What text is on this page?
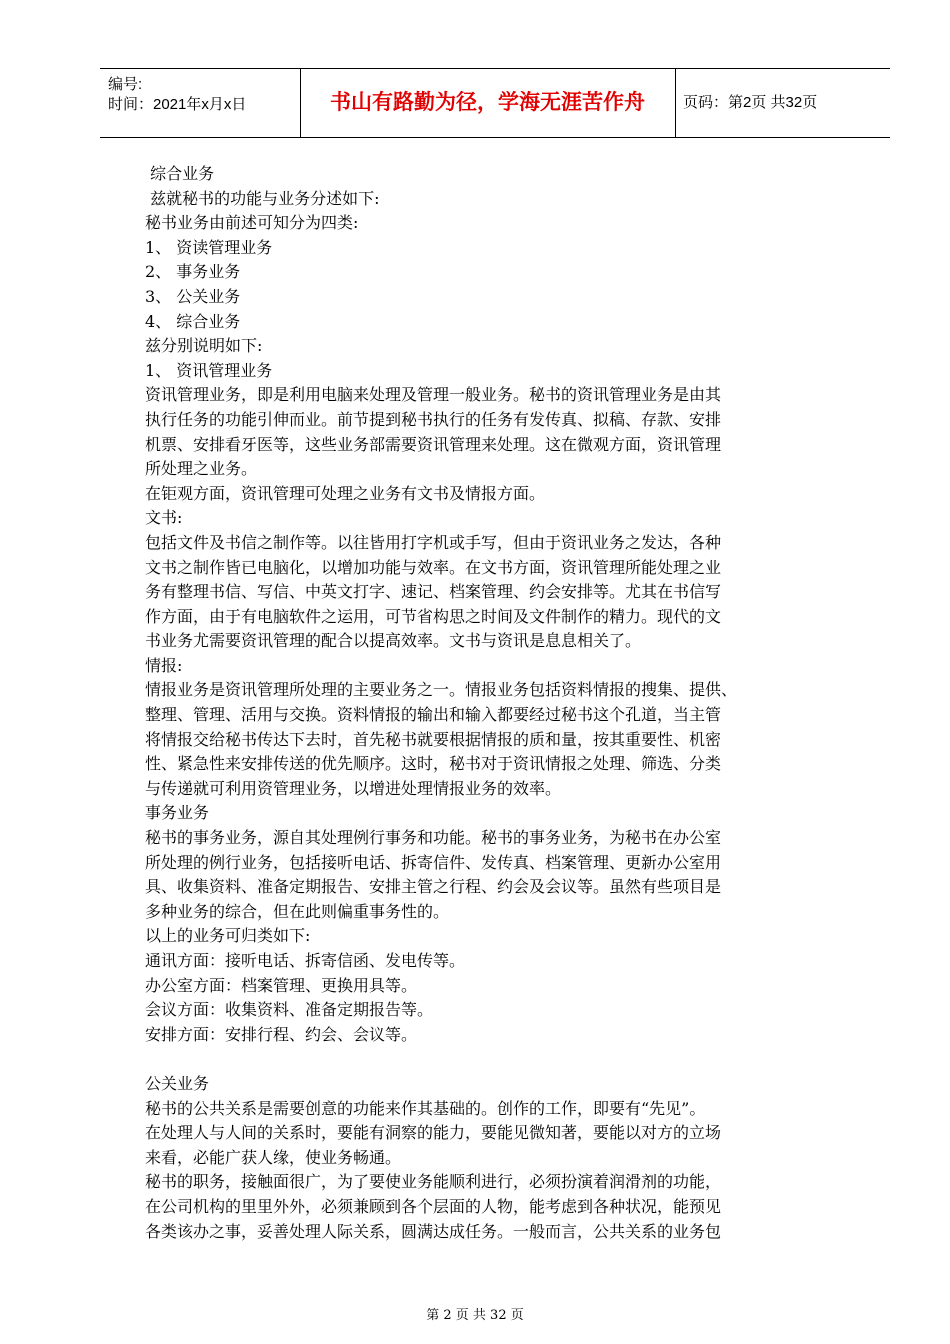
编号:
时间：2021年x月x日	书山有路勤为径，学海无涯苦作舟	页码：第2页 共32页

综合业务

兹就秘书的功能与业务分述如下:

秘书业务由前述可知分为四类:

1、 资读管理业务

2、 事务业务

3、 公关业务

4、 综合业务

兹分别说明如下:

1、 资讯管理业务

资讯管理业务，即是利用电脑来处理及管理一般业务。秘书的资讯管理业务是由其

执行任务的功能引伸而业。前节提到秘书执行的任务有发传真、拟稿、存款、安排

机票、安排看牙医等，这些业务部需要资讯管理来处理。这在微观方面，资讯管理

所处理之业务。

在钜观方面，资讯管理可处理之业务有文书及情报方面。

文书:

包括文件及书信之制作等。以往皆用打字机或手写，但由于资讯业务之发达，各种

文书之制作皆已电脑化，以增加功能与效率。在文书方面，资讯管理所能处理之业

务有整理书信、写信、中英文打字、速记、档案管理、约会安排等。尤其在书信写

作方面，由于有电脑软件之运用，可节省构思之时间及文件制作的精力。现代的文

书业务尤需要资讯管理的配合以提高效率。文书与资讯是息息相关了。

情报:

情报业务是资讯管理所处理的主要业务之一。情报业务包括资料情报的搜集、提供、

整理、管理、活用与交换。资料情报的输出和输入都要经过秘书这个孔道，当主管

将情报交给秘书传达下去时，首先秘书就要根据情报的质和量，按其重要性、机密

性、紧急性来安排传送的优先顺序。这时，秘书对于资讯情报之处理、筛选、分类

与传递就可利用资管理业务，以增进处理情报业务的效率。

事务业务

秘书的事务业务，源自其处理例行事务和功能。秘书的事务业务，为秘书在办公室

所处理的例行业务，包括接听电话、拆寄信件、发传真、档案管理、更新办公室用

具、收集资料、准备定期报告、安排主管之行程、约会及会议等。虽然有些项目是

多种业务的综合，但在此则偏重事务性的。

以上的业务可归类如下:

通讯方面：接听电话、拆寄信函、发电传等。

办公室方面：档案管理、更换用具等。

会议方面：收集资料、准备定期报告等。

安排方面：安排行程、约会、会议等。

公关业务

秘书的公共关系是需要创意的功能来作其基础的。创作的工作，即要有“先见”。

在处理人与人间的关系时，要能有洞察的能力，要能见微知著，要能以对方的立场

来看，必能广获人缘，使业务畅通。

秘书的职务，接触面很广，为了要使业务能顺利进行，必须扮演着润滑剂的功能，

在公司机构的里里外外，必须兼顾到各个层面的人物，能考虑到各种状况，能预见

各类该办之事，妥善处理人际关系，圆满达成任务。一般而言，公共关系的业务包

第 2 页 共 32 页
